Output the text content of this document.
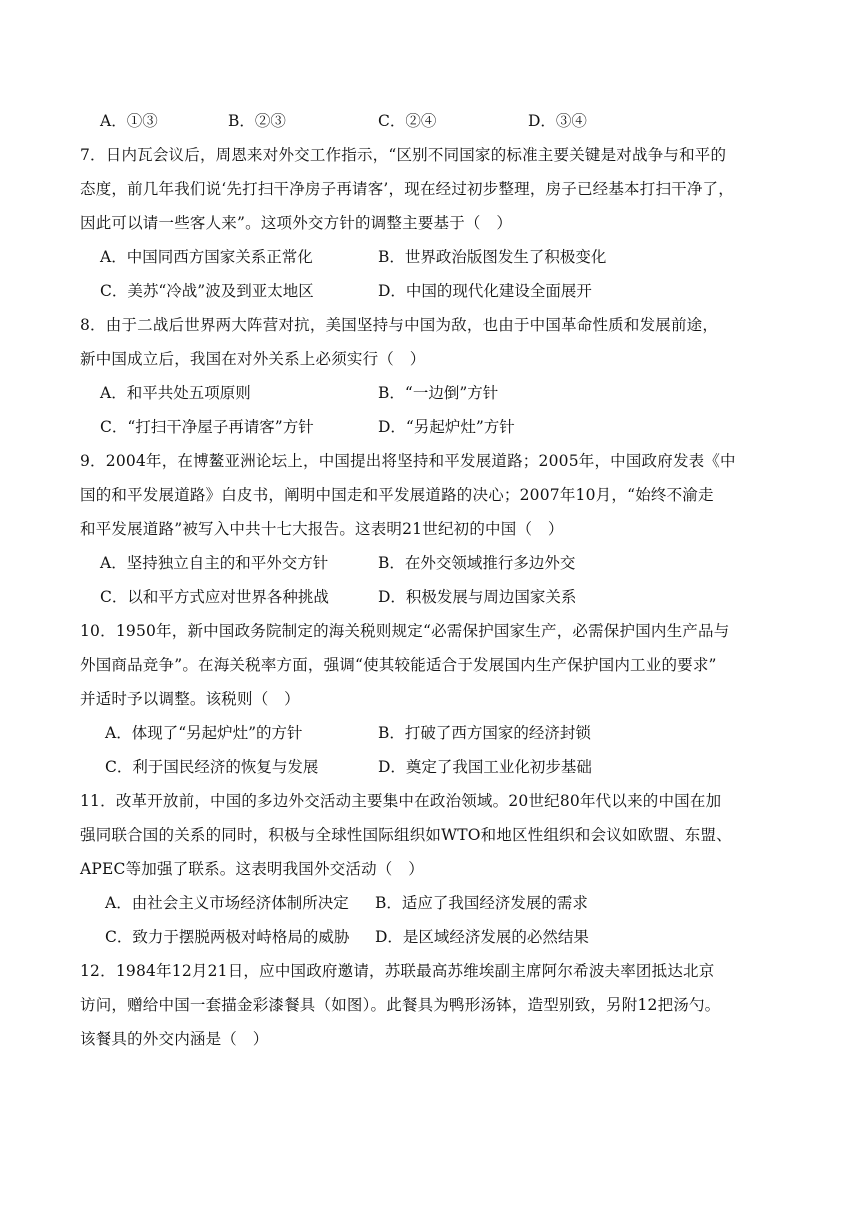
A．①③	B．②③	C．②④	D．③④
7．日内瓦会议后，周恩来对外交工作指示，“区别不同国家的标准主要关键是对战争与和平的
态度，前几年我们说‘先打扫干净房子再请客’，现在经过初步整理，房子已经基本打扫干净了，
因此可以请一些客人来”。这项外交方针的调整主要基于（　）
A．中国同西方国家关系正常化	B．世界政治版图发生了积极变化
C．美苏“冷战”波及到亚太地区	D．中国的现代化建设全面展开
8．由于二战后世界两大阵营对抗，美国坚持与中国为敌，也由于中国革命性质和发展前途，
新中国成立后，我国在对外关系上必须实行（　）
A．和平共处五项原则	B．“一边倒”方针
C．“打扫干净屋子再请客”方针	D．“另起炉灶”方针
9．2004年，在博鳌亚洲论坛上，中国提出将坚持和平发展道路；2005年，中国政府发表《中
国的和平发展道路》白皮书，阐明中国走和平发展道路的决心；2007年10月，“始终不渝走
和平发展道路”被写入中共十七大报告。这表明21世纪初的中国（　）
A．坚持独立自主的和平外交方针	B．在外交领域推行多边外交
C．以和平方式应对世界各种挑战	D．积极发展与周边国家关系
10．1950年，新中国政务院制定的海关税则规定“必需保护国家生产，必需保护国内生产品与
外国商品竞争”。在海关税率方面，强调“使其较能适合于发展国内生产保护国内工业的要求”
并适时予以调整。该税则（　）
A．体现了“另起炉灶”的方针	B．打破了西方国家的经济封锁
C．利于国民经济的恢复与发展	D．奠定了我国工业化初步基础
11．改革开放前，中国的多边外交活动主要集中在政治领域。20世纪80年代以来的中国在加
强同联合国的关系的同时，积极与全球性国际组织如WTO和地区性组织和会议如欧盟、东盟、
APEC等加强了联系。这表明我国外交活动（　）
A．由社会主义市场经济体制所决定 B．适应了我国经济发展的需求
C．致力于摆脱两极对峙格局的威胁 D．是区域经济发展的必然结果
12．1984年12月21日，应中国政府邀请，苏联最高苏维埃副主席阿尔希波夫率团抵达北京
访问，赠给中国一套描金彩漆餐具（如图）。此餐具为鸭形汤钵，造型别致，另附12把汤勺。
该餐具的外交内涵是（　）
